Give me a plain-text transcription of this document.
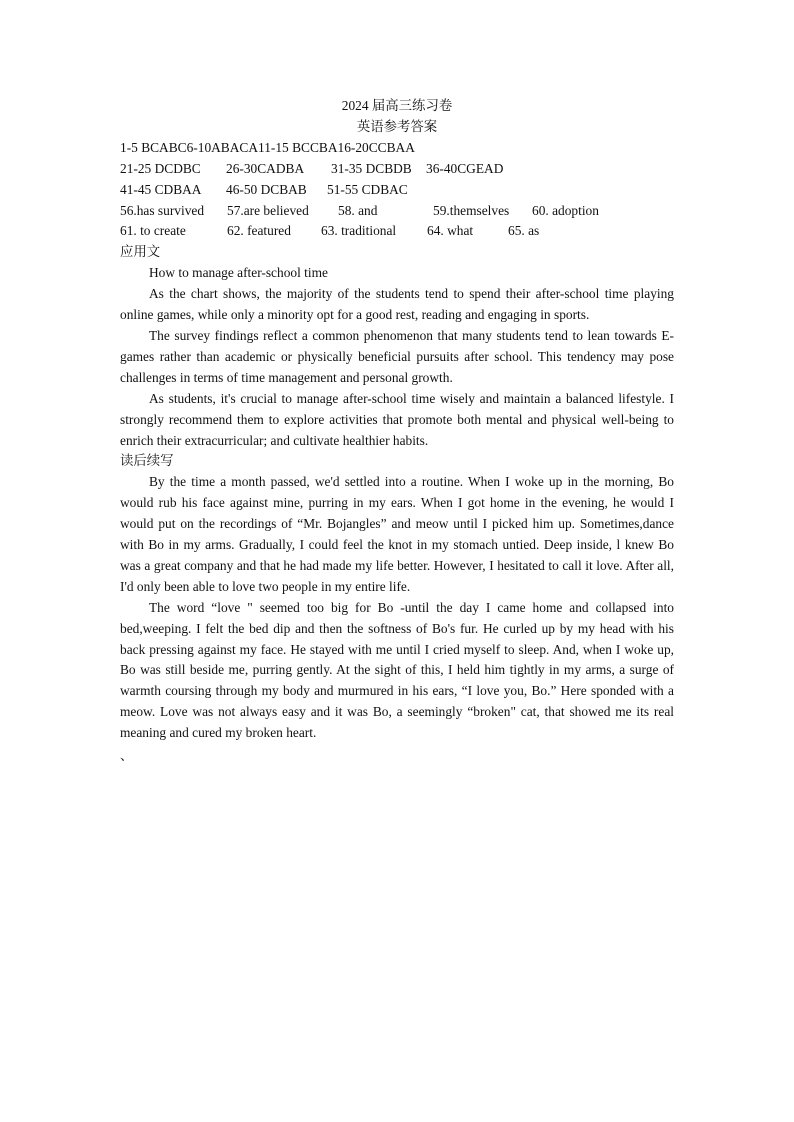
2024 届高三练习卷
英语参考答案
1-5 BCABC6-10ABACA11-15 BCCBA16-20CCBAA
21-25 DCDBC 26-30CADBA 31-35 DCBDB 36-40CGEAD
41-45 CDBAA 46-50 DCBAB 51-55 CDBAC
56.has survived 57.are believed 58. and	59.themselves 60. adoption
61. to create	62. featured 63. traditional 64. what	65. as
应用文
How to manage after-school time
As the chart shows, the majority of the students tend to spend their after-school time playing online games, while only a minority opt for a good rest, reading and engaging in sports.
The survey findings reflect a common phenomenon that many students tend to lean towards E-games rather than academic or physically beneficial pursuits after school. This tendency may pose challenges in terms of time management and personal growth.
As students, it's crucial to manage after-school time wisely and maintain a balanced lifestyle. I strongly recommend them to explore activities that promote both mental and physical well-being to enrich their extracurricular; and cultivate healthier habits.
读后续写
By the time a month passed, we'd settled into a routine. When I woke up in the morning, Bo would rub his face against mine, purring in my ears. When I got home in the evening, he would I would put on the recordings of “Mr. Bojangles” and meow until I picked him up. Sometimes,dance with Bo in my arms. Gradually, I could feel the knot in my stomach untied. Deep inside, l knew Bo was a great company and that he had made my life better. However, I hesitated to call it love. After all, I'd only been able to love two people in my entire life.
The word “love " seemed too big for Bo -until the day I came home and collapsed into bed,weeping. I felt the bed dip and then the softness of Bo's fur. He curled up by my head with his back pressing against my face. He stayed with me until I cried myself to sleep. And, when I woke up, Bo was still beside me, purring gently. At the sight of this, I held him tightly in my arms, a surge of warmth coursing through my body and murmured in his ears, “I love you, Bo.” Here sponded with a meow. Love was not always easy and it was Bo, a seemingly “broken" cat, that showed me its real meaning and cured my broken heart.
、
